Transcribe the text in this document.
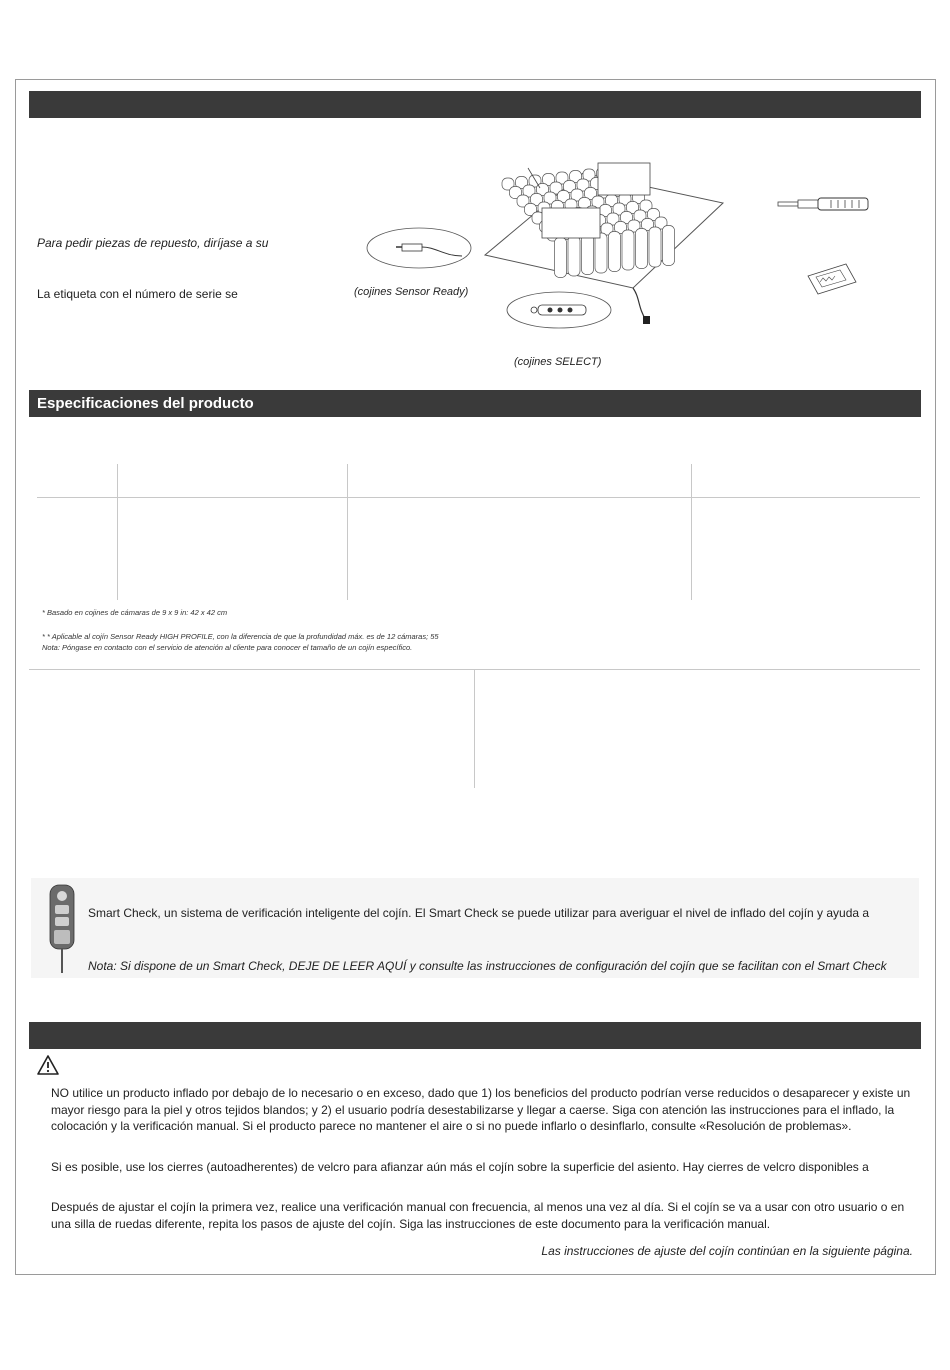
Para pedir piezas de repuesto, diríjase a su
La etiqueta con el número de serie se	(cojines Sensor Ready)
(cojines SELECT)
Especificaciones del producto
* Basado en cojines de cámaras de 9 x 9 in: 42 x 42 cm
* * Aplicable al cojín Sensor Ready HIGH PROFILE, con la diferencia de que la profundidad máx. es de 12 cámaras; 55
Nota: Póngase en contacto con el servicio de atención al cliente para conocer el tamaño de un cojín específico.
Smart Check, un sistema de verificación inteligente del cojín. El Smart Check se puede utilizar para averiguar el nivel de inflado del cojín y ayuda a
Nota: Si dispone de un Smart Check, DEJE DE LEER AQUÍ y consulte las instrucciones de configuración del cojín que se facilitan con el Smart Check

NO utilice un producto inflado por debajo de lo necesario o en exceso, dado que 1) los beneficios del producto podrían verse reducidos o desaparecer y existe un mayor riesgo para la piel y otros tejidos blandos; y 2) el usuario podría desestabilizarse y llegar a caerse. Siga con atención las instrucciones para el inflado, la colocación y la verificación manual. Si el producto parece no mantener el aire o si no puede inflarlo o desinflarlo, consulte «Resolución de problemas».

Si es posible, use los cierres (autoadherentes) de velcro para afianzar aún más el cojín sobre la superficie del asiento. Hay cierres de velcro disponibles a

Después de ajustar el cojín la primera vez, realice una verificación manual con frecuencia, al menos una vez al día. Si el cojín se va a usar con otro usuario o en una silla de ruedas diferente, repita los pasos de ajuste del cojín. Siga las instrucciones de este documento para la verificación manual.

Las instrucciones de ajuste del cojín continúan en la siguiente página.
